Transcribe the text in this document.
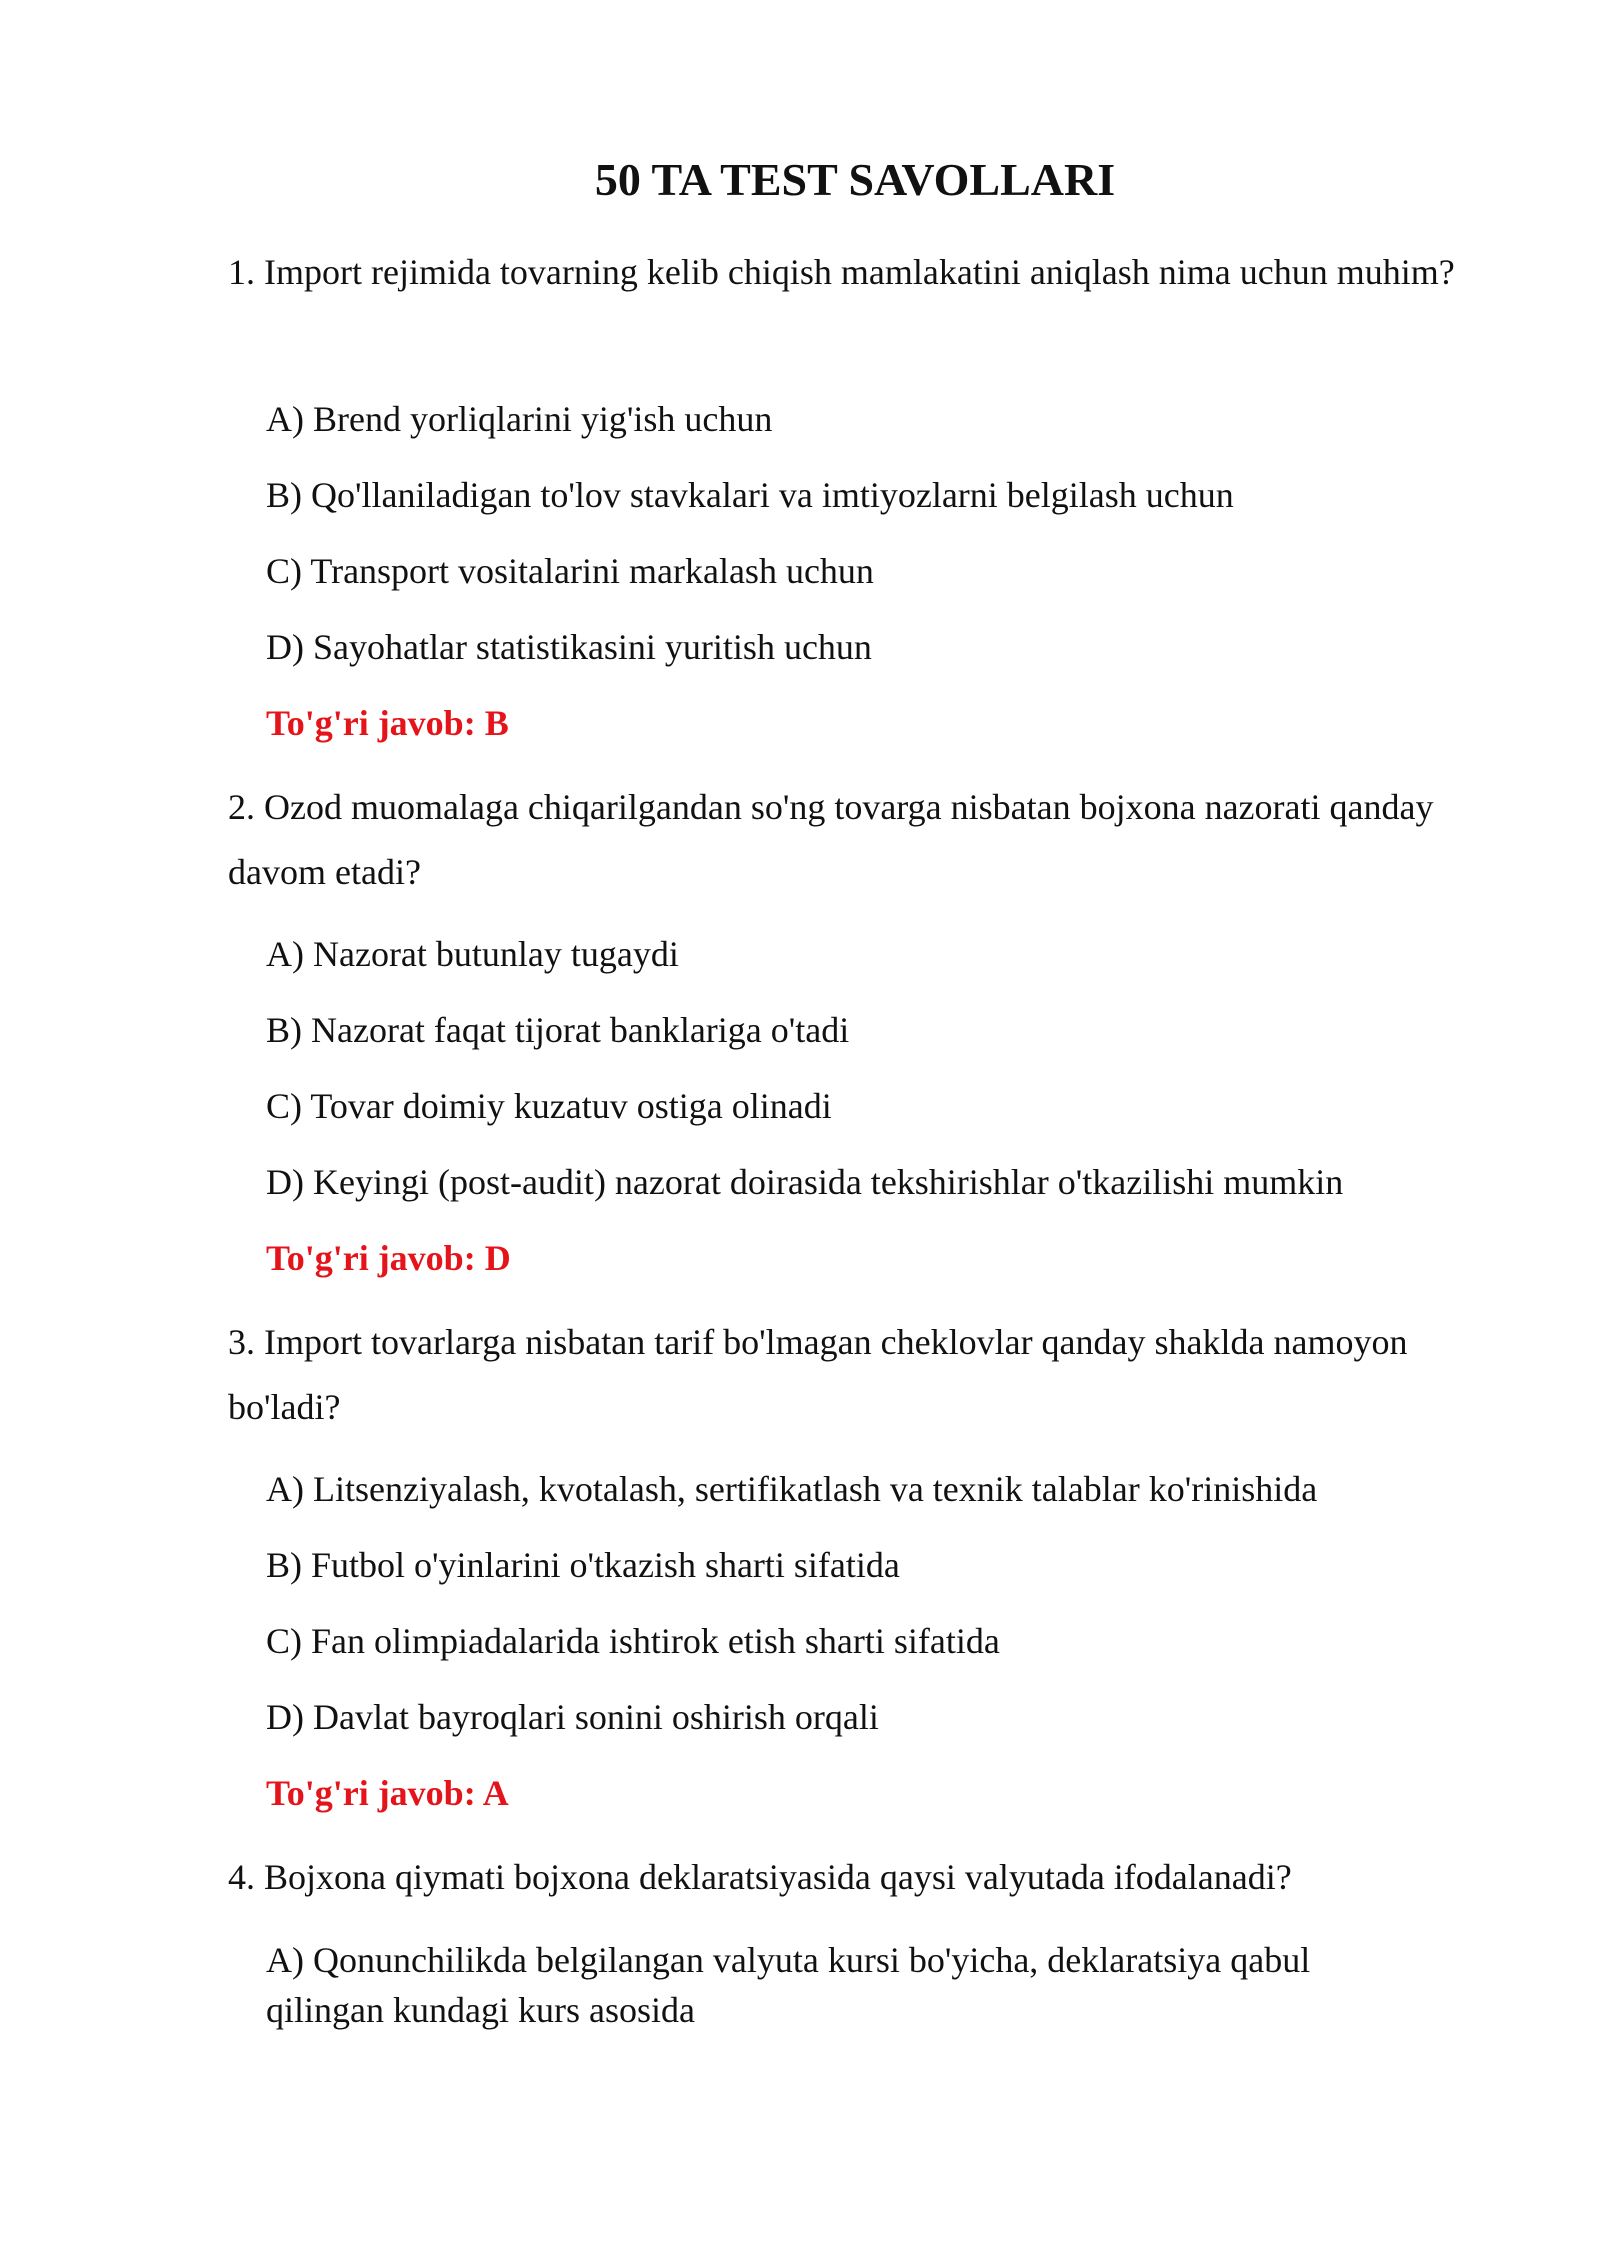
50 TA TEST SAVOLLARI

1. Import rejimida tovarning kelib chiqish mamlakatini aniqlash nima uchun muhim?

A) Brend yorliqlarini yig'ish uchun

B) Qo'llaniladigan to'lov stavkalari va imtiyozlarni belgilash uchun

C) Transport vositalarini markalash uchun

D) Sayohatlar statistikasini yuritish uchun

To'g'ri javob: B

2. Ozod muomalaga chiqarilgandan so'ng tovarga nisbatan bojxona nazorati qanday davom etadi?

A) Nazorat butunlay tugaydi

B) Nazorat faqat tijorat banklariga o'tadi

C) Tovar doimiy kuzatuv ostiga olinadi

D) Keyingi (post-audit) nazorat doirasida tekshirishlar o'tkazilishi mumkin

To'g'ri javob: D

3. Import tovarlarga nisbatan tarif bo'lmagan cheklovlar qanday shaklda namoyon bo'ladi?

A) Litsenziyalash, kvotalash, sertifikatlash va texnik talablar ko'rinishida

B) Futbol o'yinlarini o'tkazish sharti sifatida

C) Fan olimpiadalarida ishtirok etish sharti sifatida

D) Davlat bayroqlari sonini oshirish orqali

To'g'ri javob: A

4. Bojxona qiymati bojxona deklaratsiyasida qaysi valyutada ifodalanadi?

A) Qonunchilikda belgilangan valyuta kursi bo'yicha, deklaratsiya qabul qilingan kundagi kurs asosida
